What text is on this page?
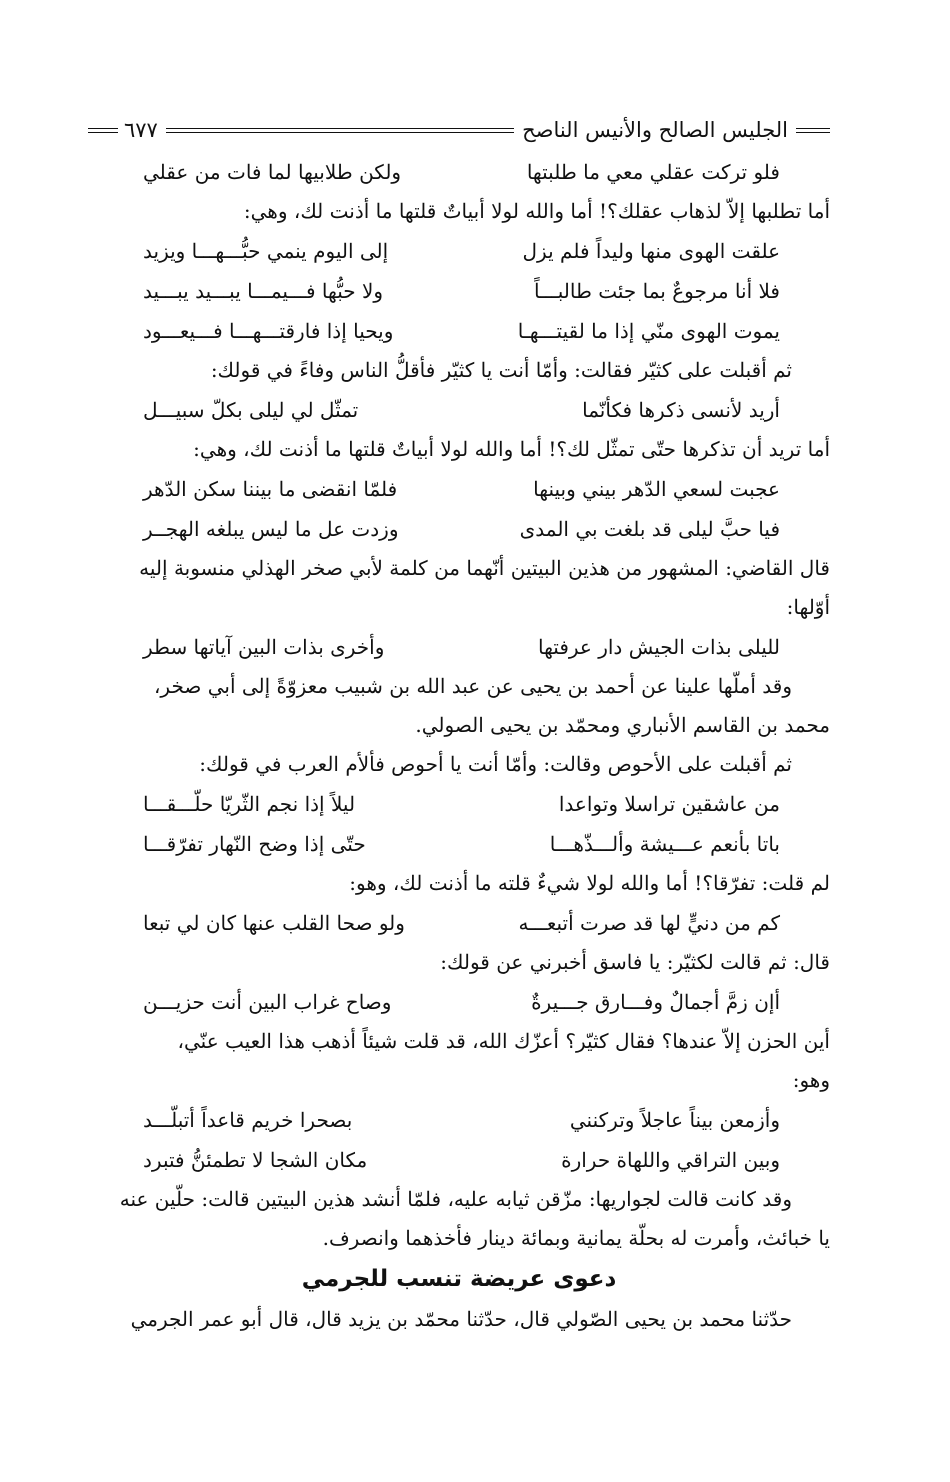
الجليس الصالح والأنيس الناصح
٦٧٧
فلو تركت عقلي معي ما طلبتها
ولكن طلابيها لما فات من عقلي
أما تطلبها إلاّ لذهاب عقلك؟! أما والله لولا أبياتٌ قلتها ما أذنت لك، وهي:
علقت الهوى منها وليداً فلم يزل
إلى اليوم ينمي حبُّـــهـــا ويزيد
فلا أنا مرجوعٌ بما جئت طالبـــاً
ولا حبُّها فـــيمـــا يبـــيد يبـــيد
يموت الهوى منّي إذا ما لقيتـــهـا
ويحيا إذا فارقتـــهـــا فـــيعـــود
ثم أقبلت على كثيّر فقالت: وأمّا أنت يا كثيّر فأقلُّ الناس وفاءً في قولك:
أريد لأنسى ذكرها فكأنّما
تمثّل لي ليلى بكلّ سبيـــل
أما تريد أن تذكرها حتّى تمثّل لك؟! أما والله لولا أبياتٌ قلتها ما أذنت لك، وهي:
عجبت لسعي الدّهر بيني وبينها
فلمّا انقضى ما بيننا سكن الدّهر
فيا حبَّ ليلى قد بلغت بي المدى
وزدت عل ما ليس يبلغه الهجــر
قال القاضي: المشهور من هذين البيتين أنّهما من كلمة لأبي صخر الهذلي منسوبة إليه
أوّلها:
لليلى بذات الجيش دار عرفتها
وأخرى بذات البين آياتها سطر
وقد أملّها علينا عن أحمد بن يحيى عن عبد الله بن شبيب معزوّةً إلى أبي صخر،
محمد بن القاسم الأنباري ومحمّد بن يحيى الصولي.
ثم أقبلت على الأحوص وقالت: وأمّا أنت يا أحوص فألأم العرب في قولك:
من عاشقين تراسلا وتواعدا
ليلاً إذا نجم الثّريّا حلّـــقـــا
باتا بأنعم عـــيشة وألـــذّهـــا
حتّى إذا وضح النّهار تفرّقـــا
لم قلت: تفرّقا؟! أما والله لولا شيءٌ قلته ما أذنت لك، وهو:
كم من دنيٍّ لها قد صرت أتبعـــه
ولو صحا القلب عنها كان لي تبعا
قال: ثم قالت لكثيّر: يا فاسق أخبرني عن قولك:
أإن زمَّ أجمالٌ وفـــارق جـــيرةٌ
وصاح غراب البين أنت حزيـــن
أين الحزن إلاّ عندها؟ فقال كثيّر؟ أعزّك الله، قد قلت شيئاً أذهب هذا العيب عنّي،
وهو:
وأزمعن بيناً عاجلاً وتركنني
بصحرا خريم قاعداً أتبلّـــد
وبين التراقي واللهاة حرارة
مكان الشجا لا تطمئنُّ فتبرد
وقد كانت قالت لجواريها: مزّقن ثيابه عليه، فلمّا أنشد هذين البيتين قالت: حلّين عنه
يا خبائث، وأمرت له بحلّة يمانية وبمائة دينار فأخذهما وانصرف.
دعوى عريضة تنسب للجرمي
حدّثنا محمد بن يحيى الصّولي قال، حدّثنا محمّد بن يزيد قال، قال أبو عمر الجرمي
